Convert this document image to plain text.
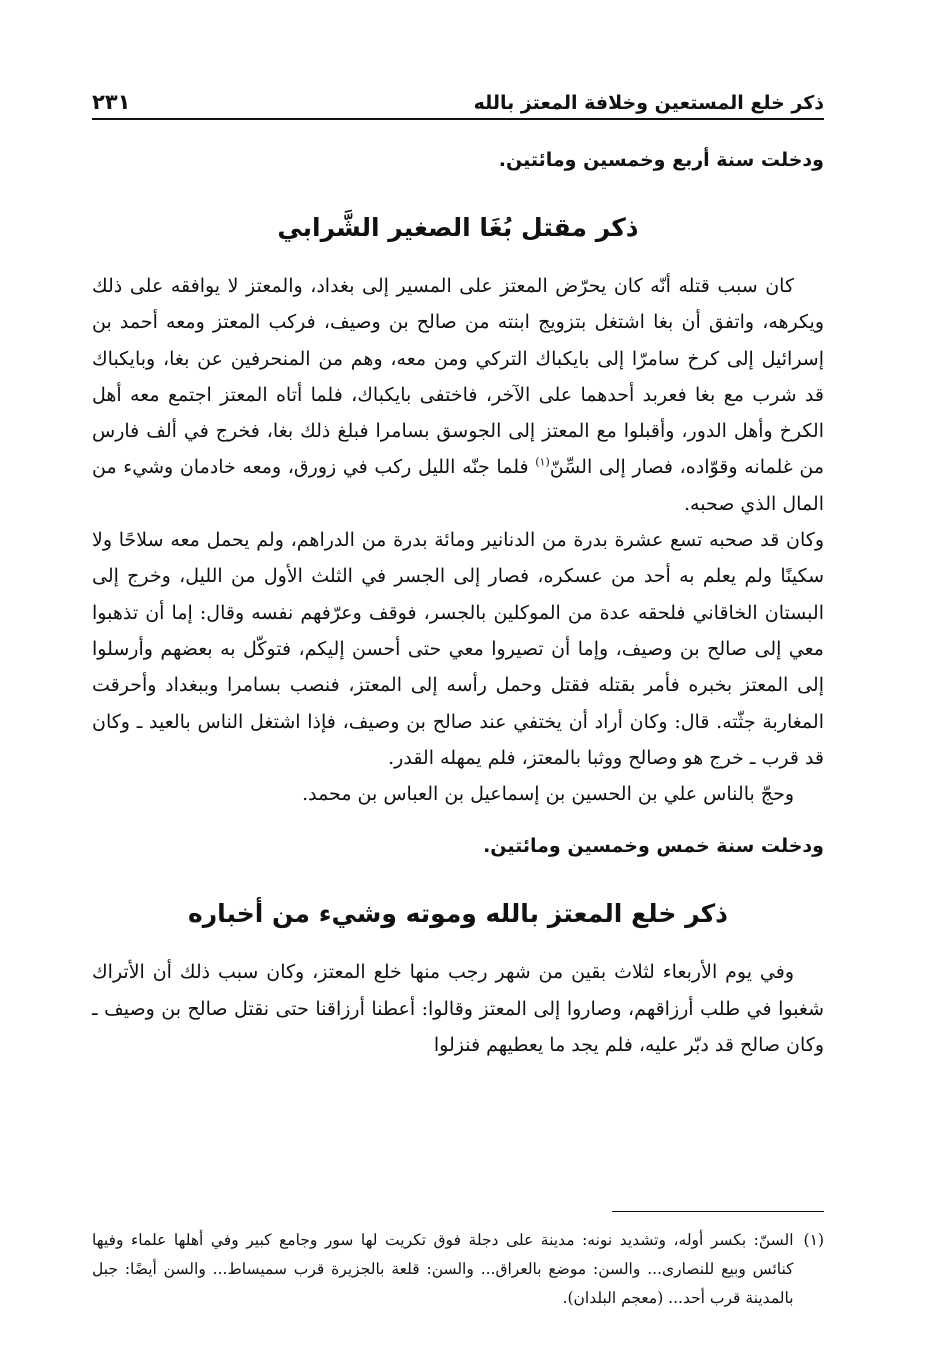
ذكر خلع المستعين وخلافة المعتز بالله
٢٣١

ودخلت سنة أربع وخمسين ومائتين.

ذكر مقتل بُغَا الصغير الشَّرابي

كان سبب قتله أنّه كان يحرّض المعتز على المسير إلى بغداد، والمعتز لا يوافقه على ذلك ويكرهه، واتفق أن بغا اشتغل بتزويج ابنته من صالح بن وصيف، فركب المعتز ومعه أحمد بن إسرائيل إلى كرخ سامرّا إلى بايكباك التركي ومن معه، وهم من المنحرفين عن بغا، وبايكباك قد شرب مع بغا فعربد أحدهما على الآخر، فاختفى بايكباك، فلما أتاه المعتز اجتمع معه أهل الكرخ وأهل الدور، وأقبلوا مع المعتز إلى الجوسق بسامرا فبلغ ذلك بغا، فخرج في ألف فارس من غلمانه وقوّاده، فصار إلى السِّنّ$^{(١)}$ فلما جنّه الليل ركب في زورق، ومعه خادمان وشيء من المال الذي صحبه.

وكان قد صحبه تسع عشرة بدرة من الدنانير ومائة بدرة من الدراهم، ولم يحمل معه سلاحًا ولا سكينًا ولم يعلم به أحد من عسكره، فصار إلى الجسر في الثلث الأول من الليل، وخرج إلى البستان الخاقاني فلحقه عدة من الموكلين بالجسر، فوقف وعرّفهم نفسه وقال: إما أن تذهبوا معي إلى صالح بن وصيف، وإما أن تصيروا معي حتى أحسن إليكم، فتوكّل به بعضهم وأرسلوا إلى المعتز بخبره فأمر بقتله فقتل وحمل رأسه إلى المعتز، فنصب بسامرا وببغداد وأحرقت المغاربة جثّته. قال: وكان أراد أن يختفي عند صالح بن وصيف، فإذا اشتغل الناس بالعيد ـ وكان قد قرب ـ خرج هو وصالح ووثبا بالمعتز، فلم يمهله القدر.

وحجّ بالناس علي بن الحسين بن إسماعيل بن العباس بن محمد.

ودخلت سنة خمس وخمسين ومائتين.

ذكر خلع المعتز بالله وموته وشيء من أخباره

وفي يوم الأربعاء لثلاث بقين من شهر رجب منها خلع المعتز، وكان سبب ذلك أن الأتراك شغبوا في طلب أرزاقهم، وصاروا إلى المعتز وقالوا: أعطنا أرزاقنا حتى نقتل صالح بن وصيف ـ وكان صالح قد دبّر عليه، فلم يجد ما يعطيهم فنزلوا

(١)
السنّ: بكسر أوله، وتشديد نونه: مدينة على دجلة فوق تكريت لها سور وجامع كبير وفي أهلها علماء وفيها كنائس وبيع للنصارى... والسن: موضع بالعراق... والسن: قلعة بالجزيرة قرب سميساط... والسن أيضًا: جبل بالمدينة قرب أحد... (معجم البلدان).
